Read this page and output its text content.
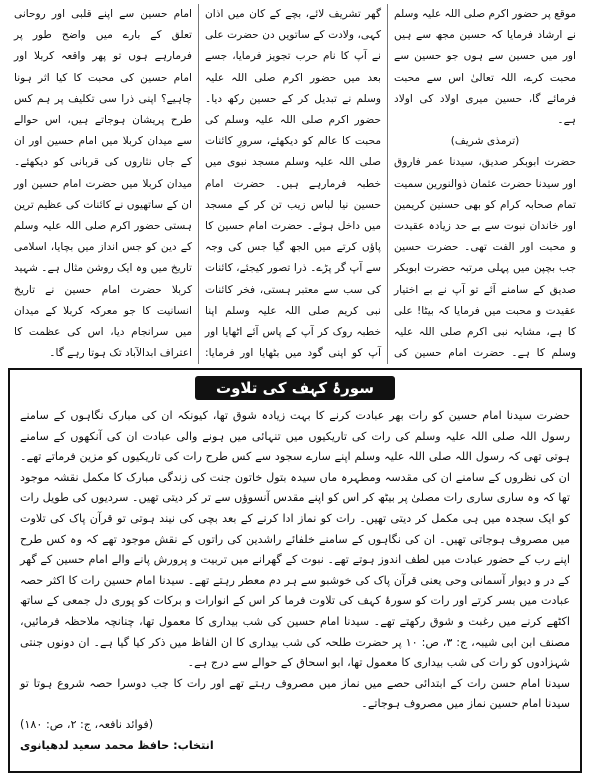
موقع پر حضور اکرم صلی اللہ علیہ وسلم نے ارشاد فرمایا کہ حسین مجھ سے ہیں اور میں حسین سے ہوں جو حسین سے محبت کرے، اللہ تعالیٰ اس سے محبت فرمائے گا، حسین میری اولاد کی اولاد ہے۔

(ترمذی شریف)

حضرت ابوبکر صدیق، سیدنا عمر فاروق اور سیدنا حضرت عثمان ذوالنورین سمیت تمام صحابہ کرام کو بھی حسنین کریمین اور خاندان نبوت سے بے حد زیادہ عقیدت و محبت اور الفت تھی۔ حضرت حسین جب بچپن میں پہلی مرتبہ حضرت ابوبکر صدیق کے سامنے آئے تو آپ نے بے اختیار عقیدت و محبت میں فرمایا کہ بیٹا! علی کا ہے، مشابہ نبی اکرم صلی اللہ علیہ وسلم کا ہے۔ حضرت امام حسین کی

گھر تشریف لائے، بچے کے کان میں اذان کہی، ولادت کے ساتویں دن حضرت علی نے آپ کا نام حرب تجویز فرمایا، جسے بعد میں حضور اکرم صلی اللہ علیہ وسلم نے تبدیل کر کے حسین رکھ دیا۔ حضور اکرم صلی اللہ علیہ وسلم کی محبت کا عالم کو دیکھئے، سرورِ کائنات صلی اللہ علیہ وسلم مسجد نبوی میں خطبہ فرمارہے ہیں۔ حضرت امام حسین نیا لباس زیب تن کر کے مسجد میں داخل ہوئے۔ حضرت امام حسین کا پاؤں کرتے میں الجھ گیا جس کی وجہ سے آپ گر پڑے۔ ذرا تصور کیجئے، کائنات کی سب سے معتبر ہستی، فخر کائنات نبی کریم صلی اللہ علیہ وسلم اپنا خطبہ روک کر آپ کے پاس آئے اٹھایا اور آپ کو اپنی گود میں بٹھایا اور فرمایا:

امام حسین سے اپنے قلبی اور روحانی تعلق کے بارے میں واضح طور پر فرمارہے ہوں تو پھر واقعہ کربلا اور امام حسین کی محبت کا کیا اثر ہونا چاہیے؟ اپنی ذرا سی تکلیف پر ہم کس طرح پریشان ہوجاتے ہیں، اس حوالے سے میدان کربلا میں امام حسین اور ان کے جاں نثاروں کی قربانی کو دیکھئے۔ میدان کربلا میں حضرت امام حسین اور ان کے ساتھیوں نے کائنات کی عظیم ترین ہستی حضور اکرم صلی اللہ علیہ وسلم کے دین کو جس انداز میں بچایا، اسلامی تاریخ میں وہ ایک روشن مثال ہے۔ شہید کربلا حضرت امام حسین نے تاریخ انسانیت کا جو معرکہ کربلا کے میدان میں سرانجام دیا، اس کی عظمت کا اعتراف ابدالآباد تک ہوتا رہے گا۔

سورۂ کہف کی تلاوت

حضرت سیدنا امام حسین کو رات بھر عبادت کرنے کا بہت زیادہ شوق تھا، کیونکہ ان کی مبارک نگاہوں کے سامنے رسول اللہ صلی اللہ علیہ وسلم کی رات کی تاریکیوں میں تنہائی میں ہونے والی عبادت ان کی آنکھوں کے سامنے ہوتی تھی کہ رسول اللہ صلی اللہ علیہ وسلم اپنے سارے سجود سے کس طرح رات کی تاریکیوں کو مزین فرماتے تھے۔ ان کی نظروں کے سامنے ان کی مقدسہ ومطہرہ ماں سیدہ بتول خاتون جنت کی زندگی مبارک کا مکمل نقشہ موجود تھا کہ وہ ساری ساری رات مصلیٰ پر بیٹھ کر اس کو اپنے مقدس آنسوؤں سے تر کر دیتی تھیں۔ سردیوں کی طویل رات کو ایک سجدہ میں ہی مکمل کر دیتی تھیں۔ رات کو نماز ادا کرنے کے بعد بچی کی نیند ہوتی تو قرآن پاک کی تلاوت میں مصروف ہوجاتی تھیں۔ ان کی نگاہوں کے سامنے خلفائے راشدین کی راتوں کے نقش موجود تھے کہ وہ کس طرح اپنے رب کے حضور عبادت میں لطف اندوز ہوتے تھے۔ نبوت کے گھرانے میں تربیت و پرورش پانے والے امام حسین کے گھر کے در و دیوار آسمانی وحی یعنی قرآن پاک کی خوشبو سے ہر دم معطر رہتے تھے۔ سیدنا امام حسین رات کا اکثر حصہ عبادت میں بسر کرتے اور رات کو سورۂ کہف کی تلاوت فرما کر اس کے انوارات و برکات کو پوری دل جمعی کے ساتھ اکٹھے کرنے میں رغبت و شوق رکھتے تھے۔ سیدنا امام حسین کی شب بیداری کا معمول تھا، چنانچہ ملاحظہ فرمائیں، مصنف ابن ابی شیبہ، ج: ۳، ص: ۱۰ پر حضرت طلحہ کی شب بیداری کا ان الفاظ میں ذکر کیا گیا ہے۔ ان دونوں جنتی شہزادوں کو رات کی شب بیداری کا معمول تھا، ابو اسحاق کے حوالے سے درج ہے۔

سیدنا امام حسن رات کے ابتدائی حصے میں نماز میں مصروف رہتے تھے اور رات کا جب دوسرا حصہ شروع ہوتا تو سیدنا امام حسین نماز میں مصروف ہوجاتے۔

(فوائد نافعہ، ج: ۲، ص: ۱۸۰)

انتخاب: حافظ محمد سعید لدھیانوی
